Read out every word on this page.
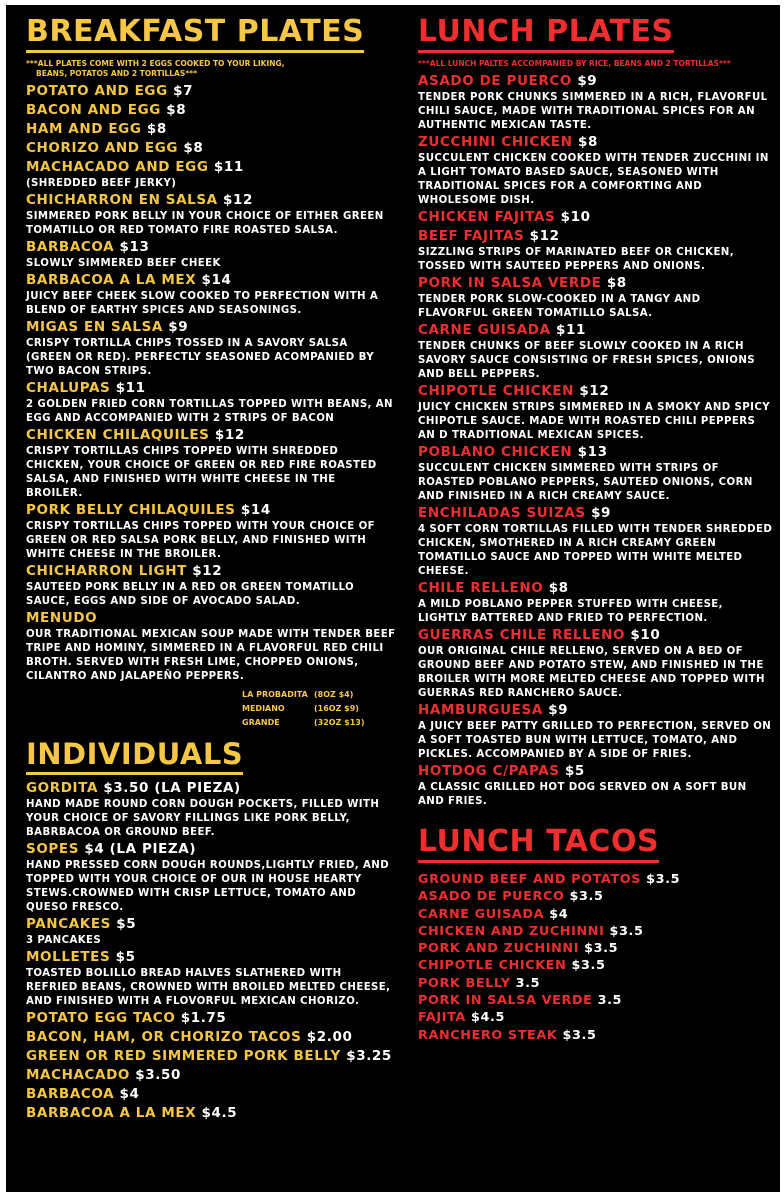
BREAKFAST PLATES
***ALL PLATES COME WITH 2 EGGS COOKED TO YOUR LIKING,
BEANS, POTATOS AND 2 TORTILLAS***
POTATO AND EGG $7
BACON AND EGG $8
HAM AND EGG $8
CHORIZO AND EGG $8
MACHACADO AND EGG $11
(SHREDDED BEEF JERKY)
CHICHARRON EN SALSA $12
SIMMERED PORK BELLY IN YOUR CHOICE OF EITHER GREEN TOMATILLO OR RED TOMATO FIRE ROASTED SALSA.
BARBACOA $13
SLOWLY SIMMERED BEEF CHEEK
BARBACOA A LA MEX $14
JUICY BEEF CHEEK SLOW COOKED TO PERFECTION WITH A BLEND OF EARTHY SPICES AND SEASONINGS.
MIGAS EN SALSA $9
CRISPY TORTILLA CHIPS TOSSED IN A SAVORY SALSA (GREEN OR RED). PERFECTLY SEASONED ACOMPANIED BY TWO BACON STRIPS.
CHALUPAS $11
2 GOLDEN FRIED CORN TORTILLAS TOPPED WITH BEANS, AN EGG AND ACCOMPANIED WITH 2 STRIPS OF BACON
CHICKEN CHILAQUILES $12
CRISPY TORTILLAS CHIPS TOPPED WITH SHREDDED CHICKEN, YOUR CHOICE OF GREEN OR RED FIRE ROASTED SALSA, AND FINISHED WITH WHITE CHEESE IN THE BROILER.
PORK BELLY CHILAQUILES $14
CRISPY TORTILLAS CHIPS TOPPED WITH YOUR CHOICE OF GREEN OR RED SALSA PORK BELLY, AND FINISHED WITH WHITE CHEESE IN THE BROILER.
CHICHARRON LIGHT $12
SAUTEED PORK BELLY IN A RED OR GREEN TOMATILLO SAUCE, EGGS AND SIDE OF AVOCADO SALAD.
MENUDO
OUR TRADITIONAL MEXICAN SOUP MADE WITH TENDER BEEF TRIPE AND HOMINY, SIMMERED IN A FLAVORFUL RED CHILI BROTH. SERVED WITH FRESH LIME, CHOPPED ONIONS, CILANTRO AND JALAPEÑO PEPPERS.
LA PROBADITA (8OZ $4)
MEDIANO	(16OZ $9)
GRANDE	(32OZ $13)
INDIVIDUALS
GORDITA $3.50 (LA PIEZA)
HAND MADE ROUND CORN DOUGH POCKETS, FILLED WITH YOUR CHOICE OF SAVORY FILLINGS LIKE PORK BELLY, BABRBACOA OR GROUND BEEF.
SOPES $4 (LA PIEZA)
HAND PRESSED CORN DOUGH ROUNDS,LIGHTLY FRIED, AND TOPPED WITH YOUR CHOICE OF OUR IN HOUSE HEARTY STEWS.CROWNED WITH CRISP LETTUCE, TOMATO AND QUESO FRESCO.
PANCAKES $5
3 PANCAKES
MOLLETES $5
TOASTED BOLILLO BREAD HALVES SLATHERED WITH REFRIED BEANS, CROWNED WITH BROILED MELTED CHEESE, AND FINISHED WITH A FLOVORFUL MEXICAN CHORIZO.
POTATO EGG TACO $1.75
BACON, HAM, OR CHORIZO TACOS $2.00
GREEN OR RED SIMMERED PORK BELLY $3.25
MACHACADO $3.50
BARBACOA $4
BARBACOA A LA MEX $4.5
LUNCH PLATES
***ALL LUNCH PALTES ACCOMPANIED BY RICE, BEANS AND 2 TORTILLAS***
ASADO DE PUERCO $9
TENDER PORK CHUNKS SIMMERED IN A RICH, FLAVORFUL CHILI SAUCE, MADE WITH TRADITIONAL SPICES FOR AN AUTHENTIC MEXICAN TASTE.
ZUCCHINI CHICKEN $8
SUCCULENT CHICKEN COOKED WITH TENDER ZUCCHINI IN A LIGHT TOMATO BASED SAUCE, SEASONED WITH TRADITIONAL SPICES FOR A COMFORTING AND WHOLESOME DISH.
CHICKEN FAJITAS $10
BEEF FAJITAS $12
SIZZLING STRIPS OF MARINATED BEEF OR CHICKEN, TOSSED WITH SAUTEED PEPPERS AND ONIONS.
PORK IN SALSA VERDE $8
TENDER PORK SLOW-COOKED IN A TANGY AND FLAVORFUL GREEN TOMATILLO SALSA.
CARNE GUISADA $11
TENDER CHUNKS OF BEEF SLOWLY COOKED IN A RICH SAVORY SAUCE CONSISTING OF FRESH SPICES, ONIONS AND BELL PEPPERS.
CHIPOTLE CHICKEN $12
JUICY CHICKEN STRIPS SIMMERED IN A SMOKY AND SPICY CHIPOTLE SAUCE. MADE WITH ROASTED CHILI PEPPERS AN D TRADITIONAL MEXICAN SPICES.
POBLANO CHICKEN $13
SUCCULENT CHICKEN SIMMERED WITH STRIPS OF ROASTED POBLANO PEPPERS, SAUTEED ONIONS, CORN AND FINISHED IN A RICH CREAMY SAUCE.
ENCHILADAS SUIZAS $9
4 SOFT CORN TORTILLAS FILLED WITH TENDER SHREDDED CHICKEN, SMOTHERED IN A RICH CREAMY GREEN TOMATILLO SAUCE AND TOPPED WITH WHITE MELTED CHEESE.
CHILE RELLENO $8
A MILD POBLANO PEPPER STUFFED WITH CHEESE, LIGHTLY BATTERED AND FRIED TO PERFECTION.
GUERRAS CHILE RELLENO $10
OUR ORIGINAL CHILE RELLENO, SERVED ON A BED OF GROUND BEEF AND POTATO STEW, AND FINISHED IN THE BROILER WITH MORE MELTED CHEESE AND TOPPED WITH GUERRAS RED RANCHERO SAUCE.
HAMBURGUESA $9
A JUICY BEEF PATTY GRILLED TO PERFECTION, SERVED ON A SOFT TOASTED BUN WITH LETTUCE, TOMATO, AND PICKLES. ACCOMPANIED BY A SIDE OF FRIES.
HOTDOG C/PAPAS $5
A CLASSIC GRILLED HOT DOG SERVED ON A SOFT BUN AND FRIES.
LUNCH TACOS
GROUND BEEF AND POTATOS $3.5
ASADO DE PUERCO $3.5
CARNE GUISADA $4
CHICKEN AND ZUCHINNI $3.5
PORK AND ZUCHINNI $3.5
CHIPOTLE CHICKEN $3.5
PORK BELLY 3.5
PORK IN SALSA VERDE 3.5
FAJITA $4.5
RANCHERO STEAK $3.5
